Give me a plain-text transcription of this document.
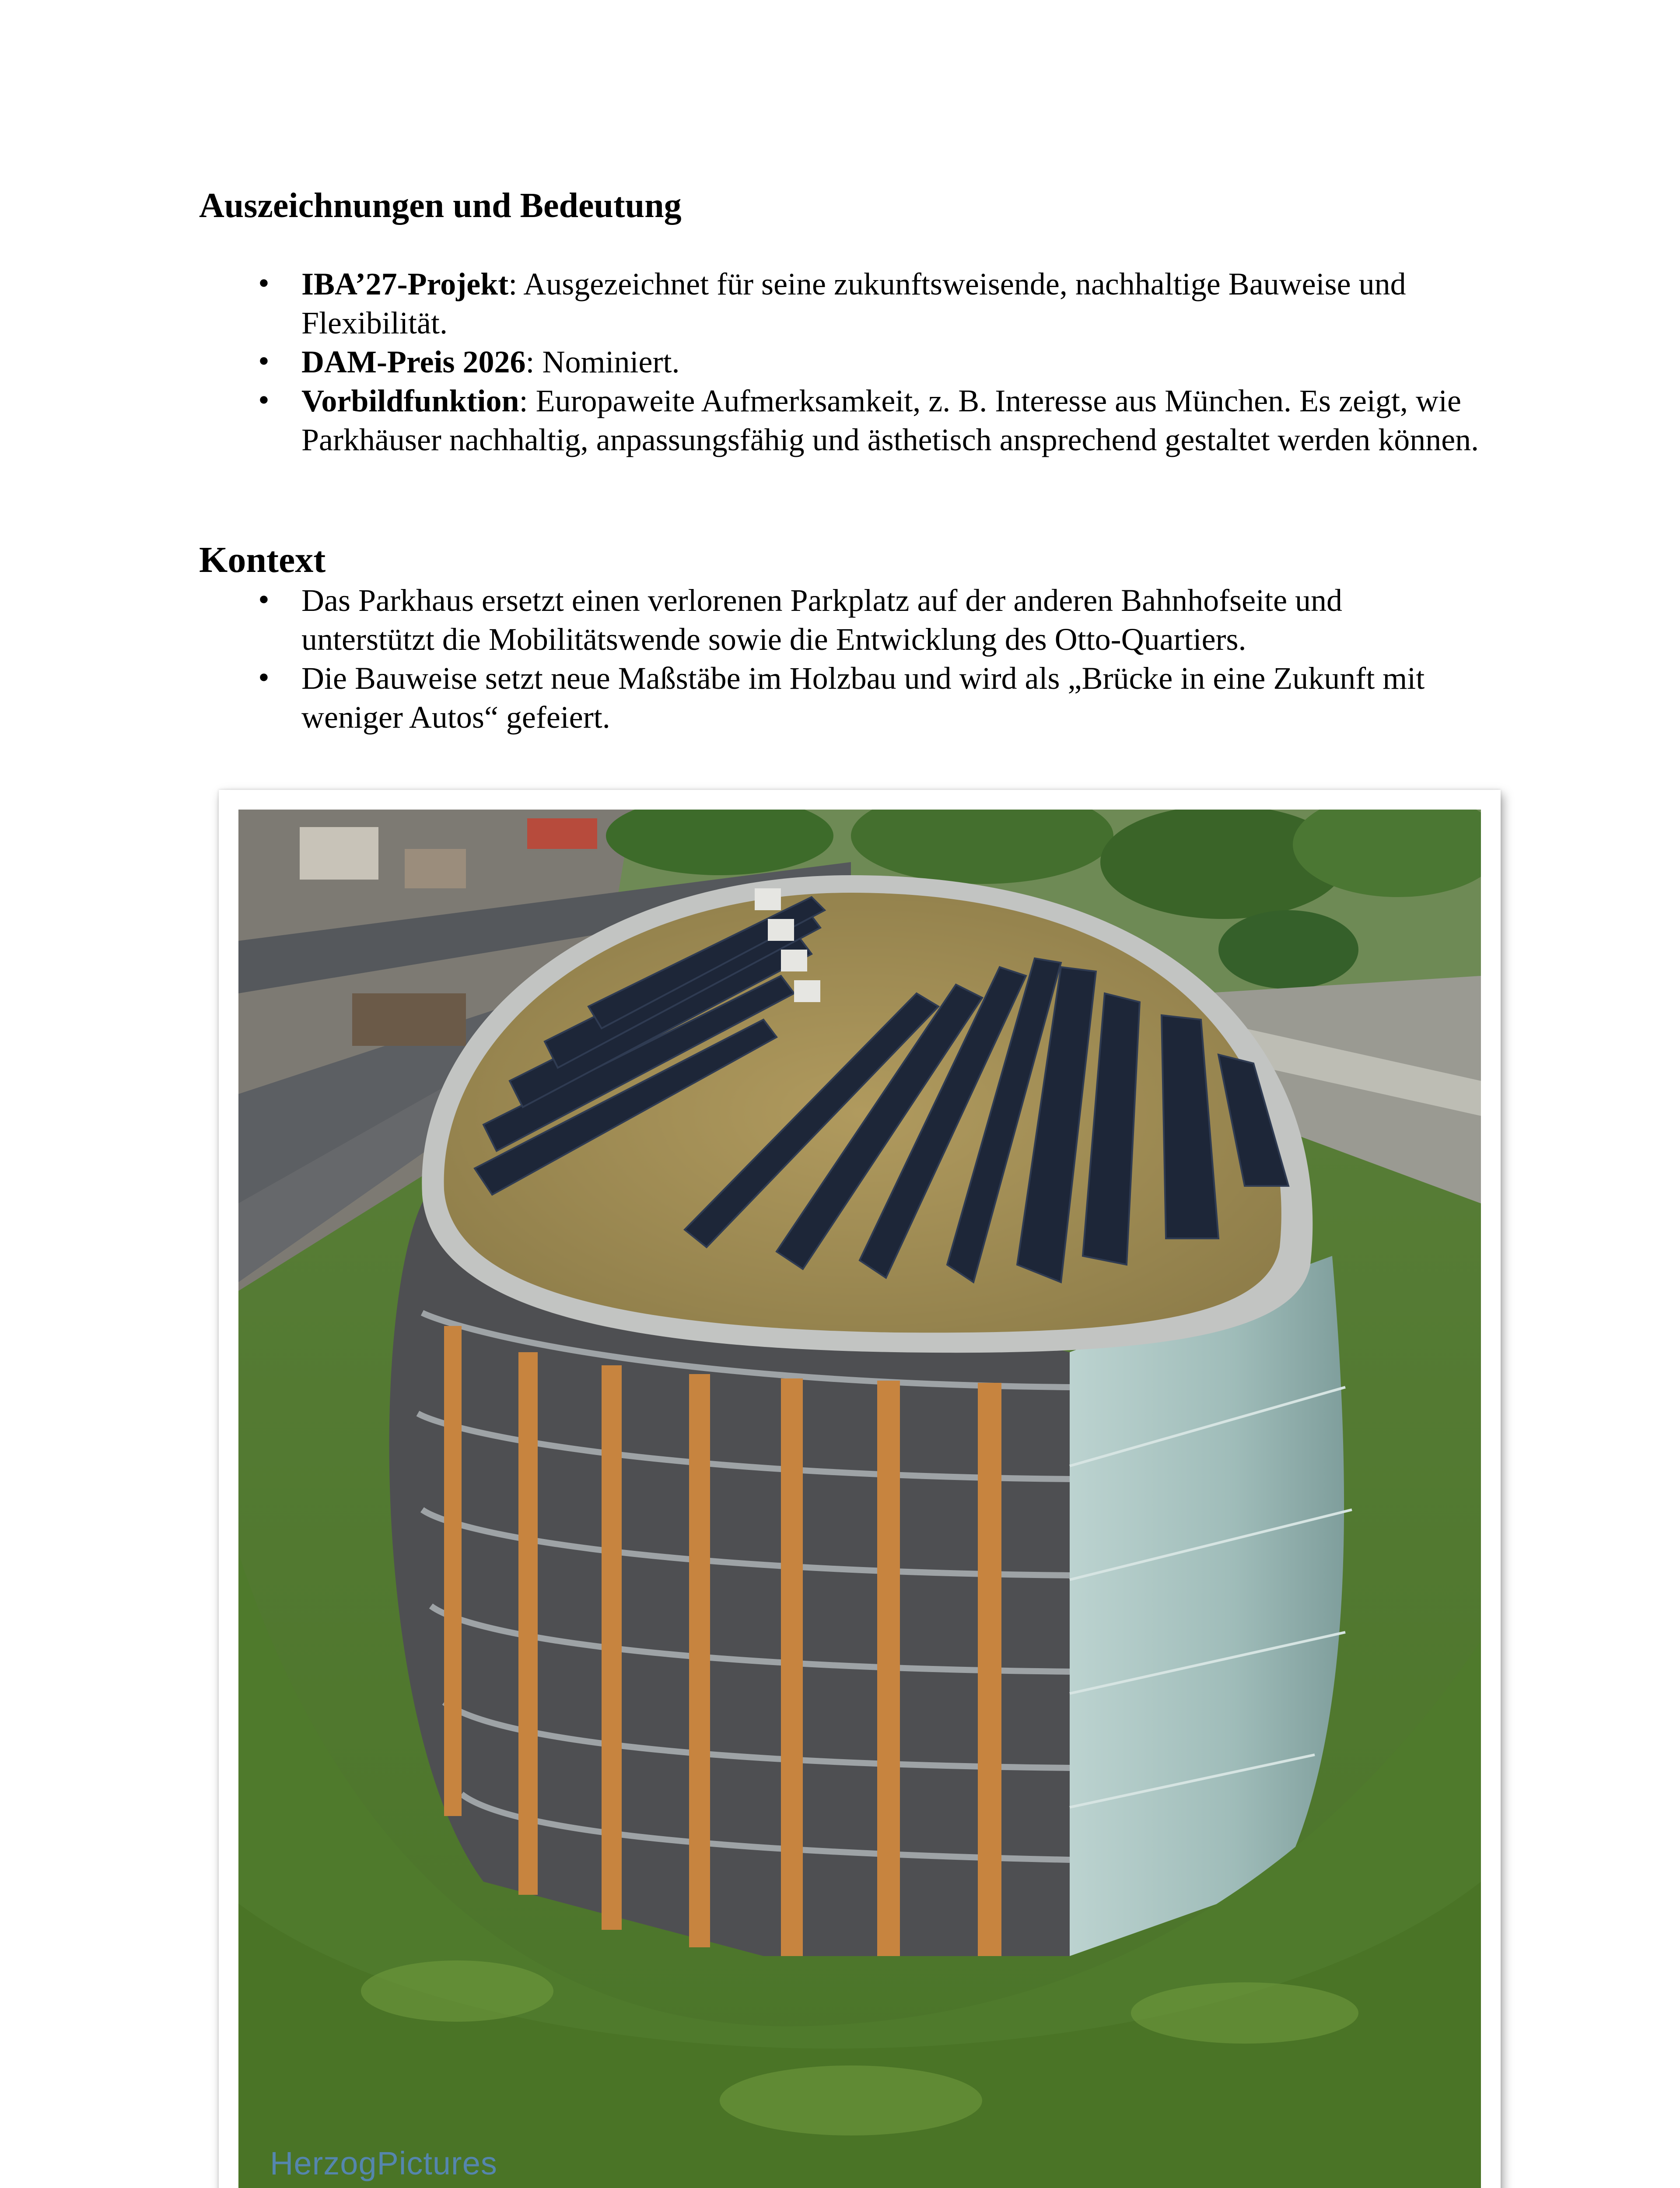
Auszeichnungen und Bedeutung
• IBA’27-Projekt: Ausgezeichnet für seine zukunftsweisende, nachhaltige Bauweise und Flexibilität.
• DAM-Preis 2026: Nominiert.
• Vorbildfunktion: Europaweite Aufmerksamkeit, z. B. Interesse aus München. Es zeigt, wie Parkhäuser nachhaltig, anpassungsfähig und ästhetisch ansprechend gestaltet werden können.
Kontext
• Das Parkhaus ersetzt einen verlorenen Parkplatz auf der anderen Bahnhofseite und unterstützt die Mobilitätswende sowie die Entwicklung des Otto-Quartiers.
• Die Bauweise setzt neue Maßstäbe im Holzbau und wird als „Brücke in eine Zukunft mit weniger Autos“ gefeiert.
HerzogPictures
